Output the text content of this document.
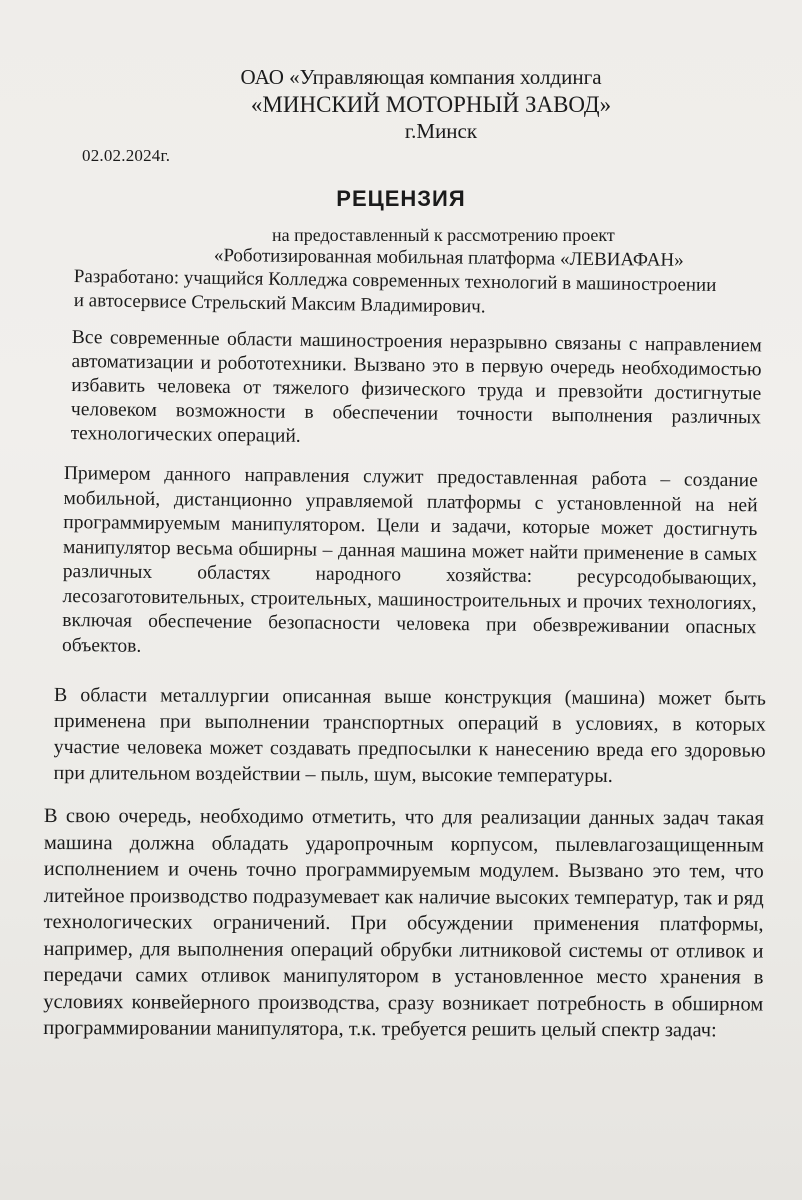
ОАО «Управляющая компания холдинга
«МИНСКИЙ МОТОРНЫЙ ЗАВОД»
г.Минск
02.02.2024г.
РЕЦЕНЗИЯ
на предоставленный к рассмотрению проект
«Роботизированная мобильная платформа «ЛЕВИАФАН»
Разработано: учащийся Колледжа современных технологий в машиностроении
и автосервисе Стрельский Максим Владимирович.

Все современные области машиностроения неразрывно связаны с направлением автоматизации и робототехники. Вызвано это в первую очередь необходимостью избавить человека от тяжелого физического труда и превзойти достигнутые человеком возможности в обеспечении точности выполнения различных технологических операций.

Примером данного направления служит предоставленная работа – создание мобильной, дистанционно управляемой платформы с установленной на ней программируемым манипулятором. Цели и задачи, которые может достигнуть манипулятор весьма обширны – данная машина может найти применение в самых различных областях народного хозяйства: ресурсодобывающих, лесозаготовительных, строительных, машиностроительных и прочих технологиях, включая обеспечение безопасности человека при обезвреживании опасных объектов.

В области металлургии описанная выше конструкция (машина) может быть применена при выполнении транспортных операций в условиях, в которых участие человека может создавать предпосылки к нанесению вреда его здоровью при длительном воздействии – пыль, шум, высокие температуры.

В свою очередь, необходимо отметить, что для реализации данных задач такая машина должна обладать ударопрочным корпусом, пылевлагозащищенным исполнением и очень точно программируемым модулем. Вызвано это тем, что литейное производство подразумевает как наличие высоких температур, так и ряд технологических ограничений. При обсуждении применения платформы, например, для выполнения операций обрубки литниковой системы от отливок и передачи самих отливок манипулятором в установленное место хранения в условиях конвейерного производства, сразу возникает потребность в обширном программировании манипулятора, т.к. требуется решить целый спектр задач:
